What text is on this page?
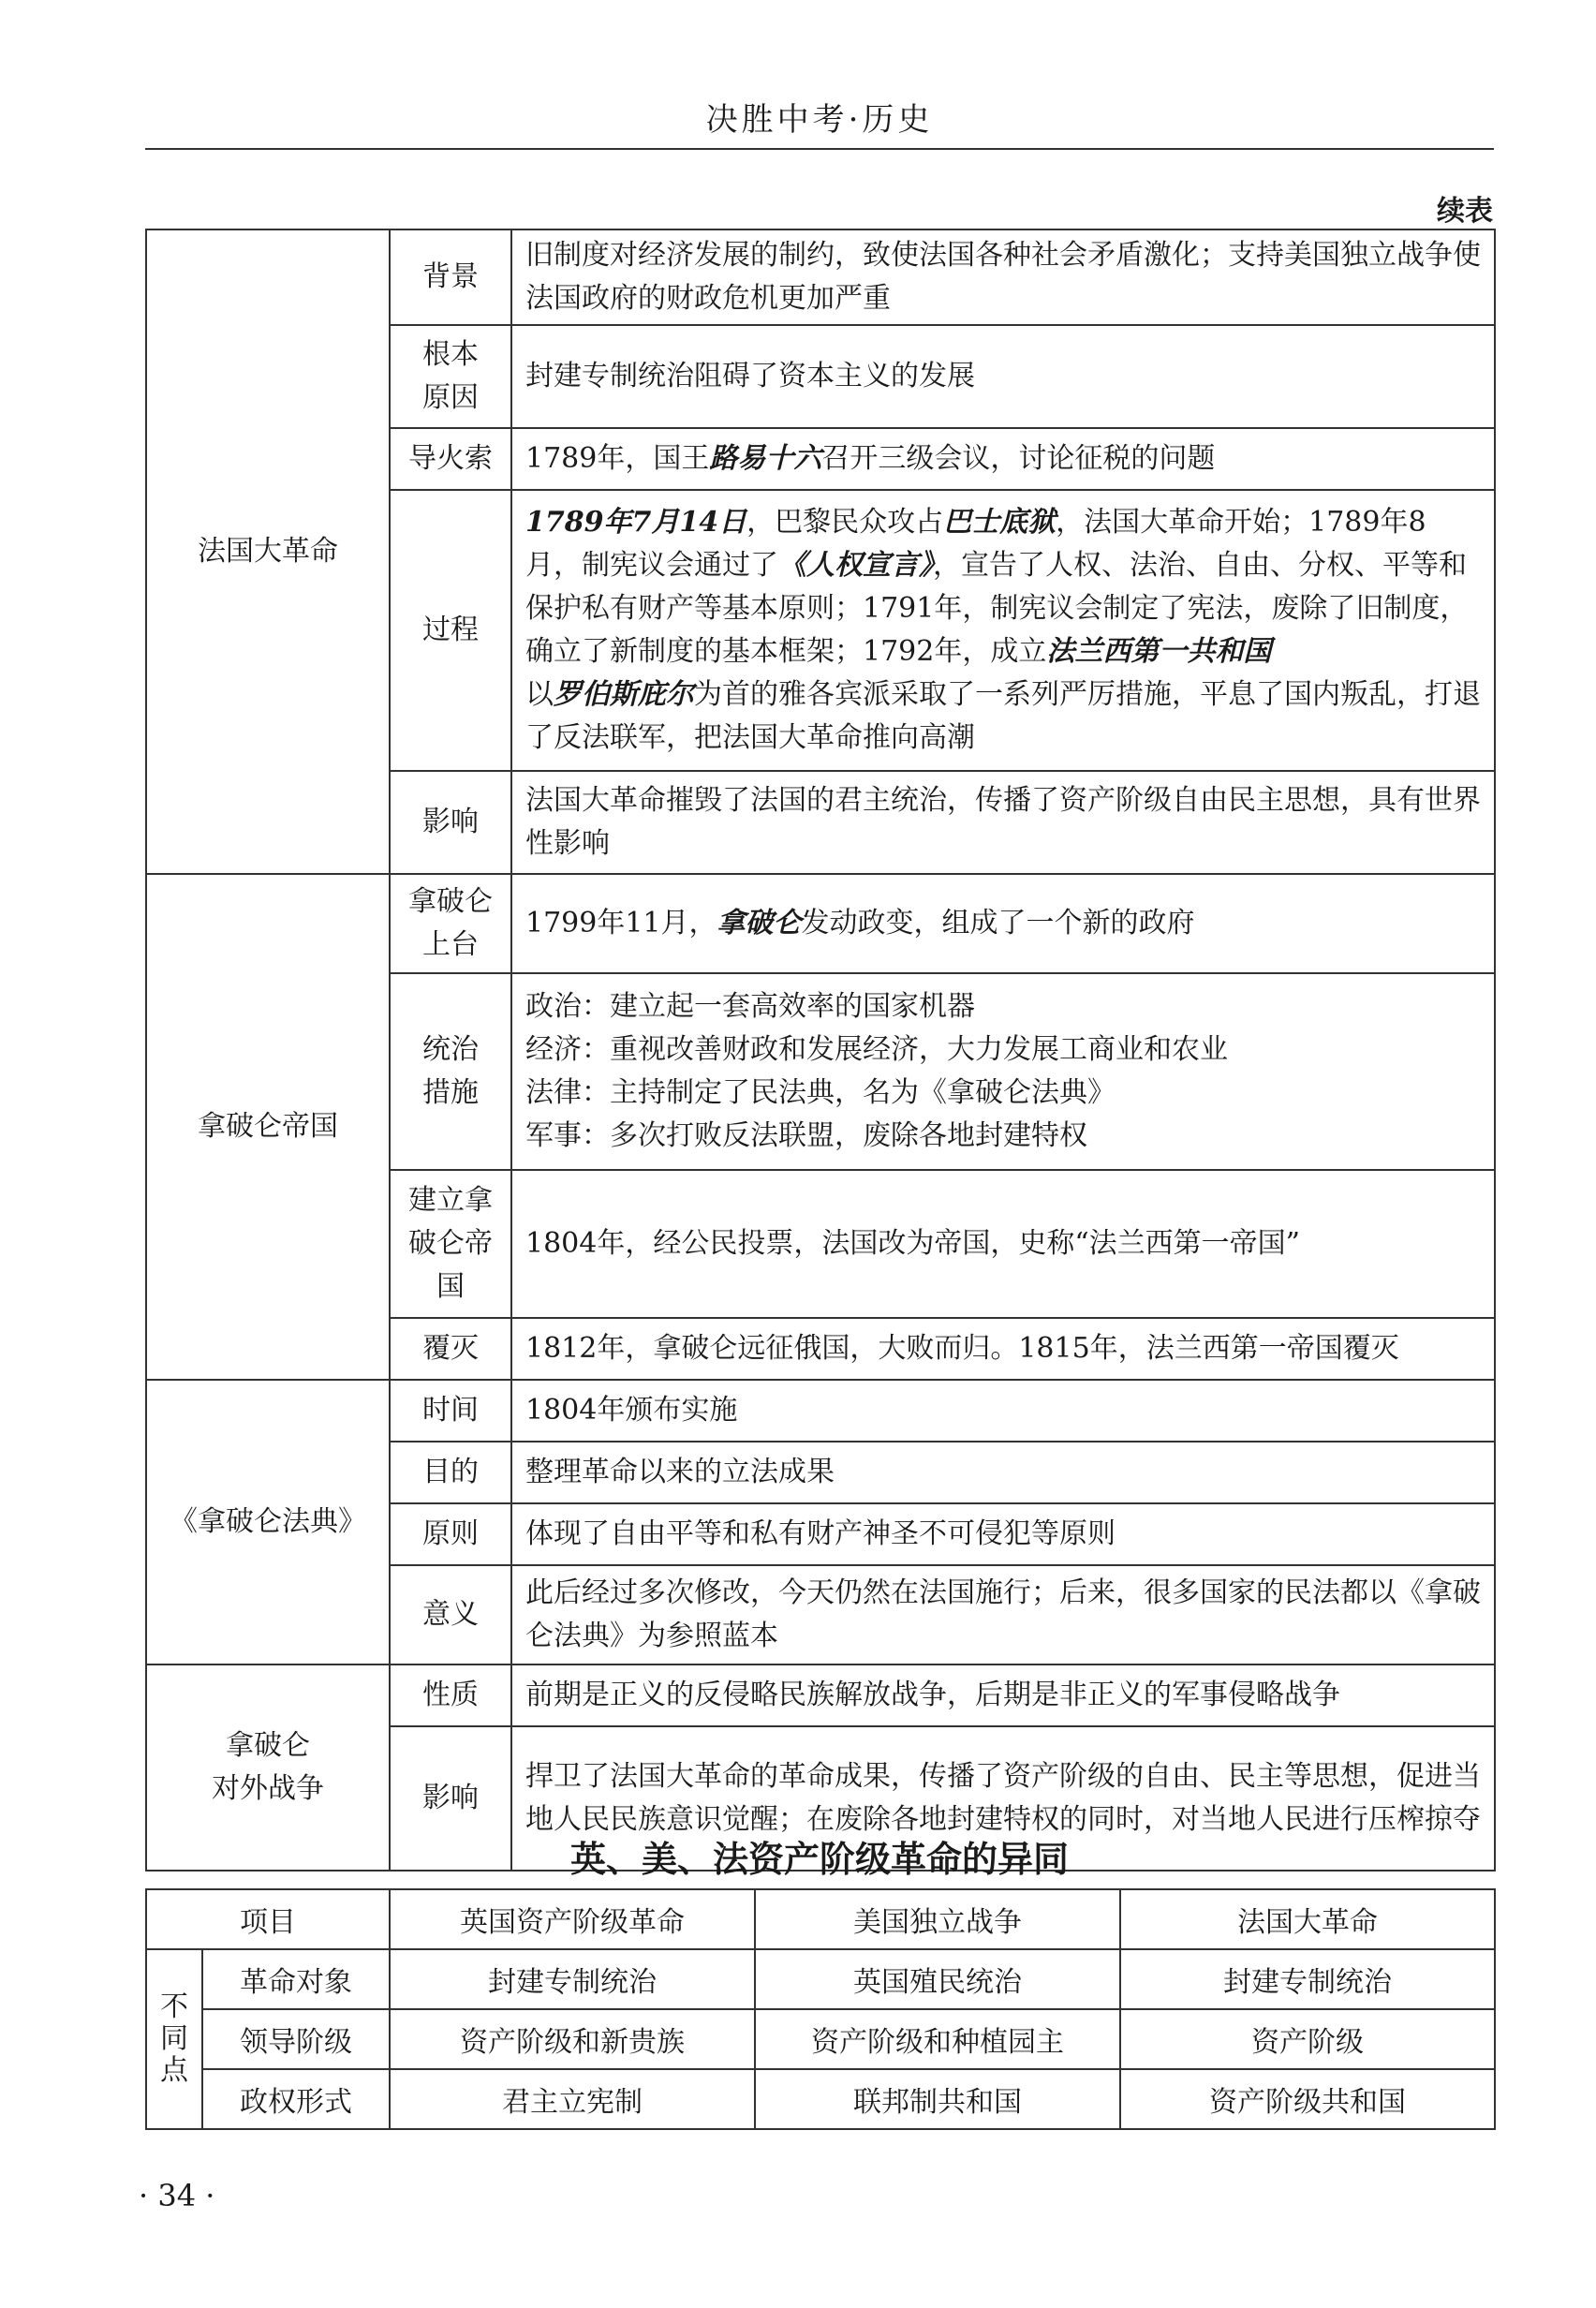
决胜中考·历史
续表
法国大革命	背景	旧制度对经济发展的制约，致使法国各种社会矛盾激化；支持美国独立战争使法国政府的财政危机更加严重
	根本原因	封建专制统治阻碍了资本主义的发展
	导火索	1789年，国王路易十六召开三级会议，讨论征税的问题
	过程	1789年7月14日，巴黎民众攻占巴士底狱，法国大革命开始；1789年8月，制宪议会通过了《人权宣言》，宣告了人权、法治、自由、分权、平等和保护私有财产等基本原则；1791年，制宪议会制定了宪法，废除了旧制度，确立了新制度的基本框架；1792年，成立法兰西第一共和国
以罗伯斯庇尔为首的雅各宾派采取了一系列严厉措施，平息了国内叛乱，打退了反法联军，把法国大革命推向高潮
	影响	法国大革命摧毁了法国的君主统治，传播了资产阶级自由民主思想，具有世界性影响
拿破仑帝国	拿破仑上台	1799年11月，拿破仑发动政变，组成了一个新的政府
	统治措施	政治：建立起一套高效率的国家机器
经济：重视改善财政和发展经济，大力发展工商业和农业
法律：主持制定了民法典，名为《拿破仑法典》
军事：多次打败反法联盟，废除各地封建特权

	建立拿破仑帝国	1804年，经公民投票，法国改为帝国，史称“法兰西第一帝国”
	覆灭	1812年，拿破仑远征俄国，大败而归。1815年，法兰西第一帝国覆灭
《拿破仑法典》	时间	1804年颁布实施
	目的	整理革命以来的立法成果
	原则	体现了自由平等和私有财产神圣不可侵犯等原则
	意义	此后经过多次修改，今天仍然在法国施行；后来，很多国家的民法都以《拿破仑法典》为参照蓝本

拿破仑
对外战争	性质	前期是正义的反侵略民族解放战争，后期是非正义的军事侵略战争
	影响	捍卫了法国大革命的革命成果，传播了资产阶级的自由、民主等思想，促进当地人民民族意识觉醒；在废除各地封建特权的同时，对当地人民进行压榨掠夺
英、美、法资产阶级革命的异同
项目		英国资产阶级革命	美国独立战争	法国大革命

不
同
点	革命对象	封建专制统治	英国殖民统治	封建专制统治
	领导阶级	资产阶级和新贵族	资产阶级和种植园主	资产阶级
	政权形式	君主立宪制	联邦制共和国	资产阶级共和国
· 34 ·
